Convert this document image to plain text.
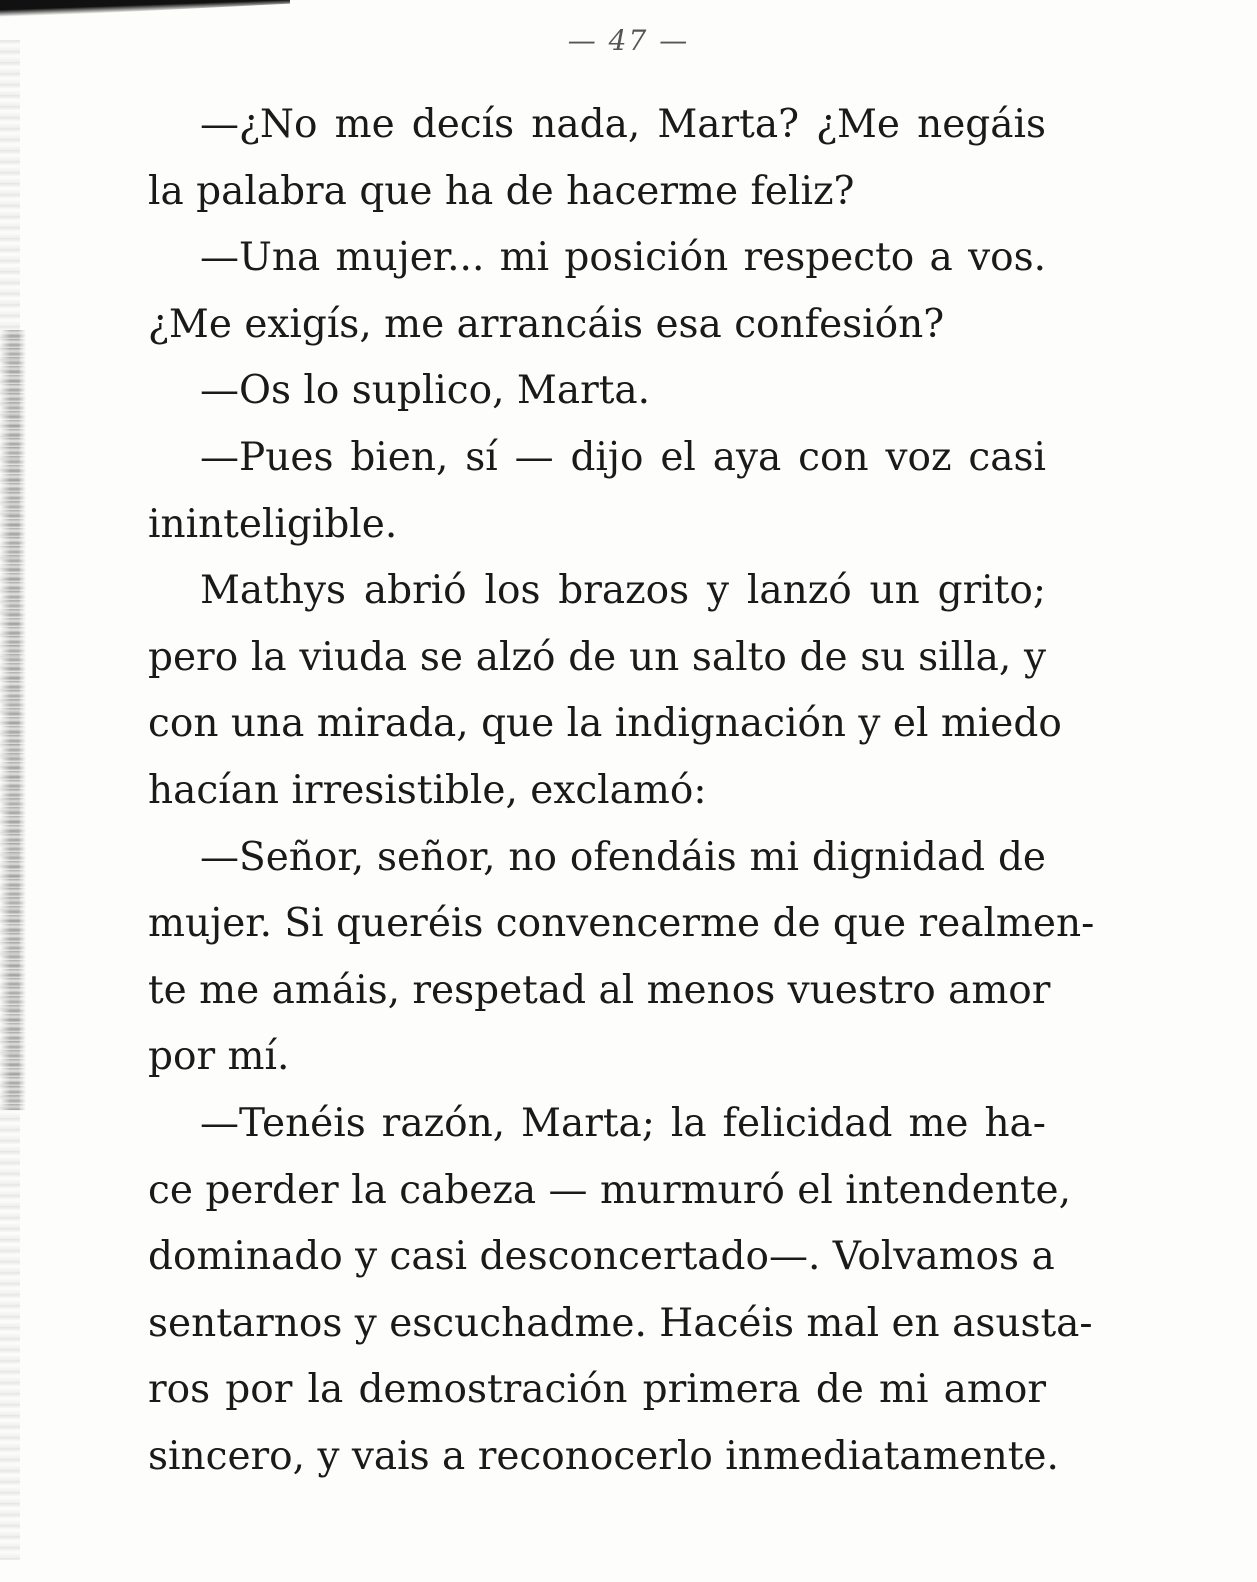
— 47 —
—¿No me decís nada, Marta? ¿Me negáis
la palabra que ha de hacerme feliz?
—Una mujer... mi posición respecto a vos.
¿Me exigís, me arrancáis esa confesión?
—Os lo suplico, Marta.
—Pues bien, sí — dijo el aya con voz casi
ininteligible.
Mathys abrió los brazos y lanzó un grito;
pero la viuda se alzó de un salto de su silla, y
con una mirada, que la indignación y el miedo
hacían irresistible, exclamó:
—Señor, señor, no ofendáis mi dignidad de
mujer. Si queréis convencerme de que realmen-
te me amáis, respetad al menos vuestro amor
por mí.
—Tenéis razón, Marta; la felicidad me ha-
ce perder la cabeza — murmuró el intendente,
dominado y casi desconcertado—. Volvamos a
sentarnos y escuchadme. Hacéis mal en asusta-
ros por la demostración primera de mi amor
sincero, y vais a reconocerlo inmediatamente.
